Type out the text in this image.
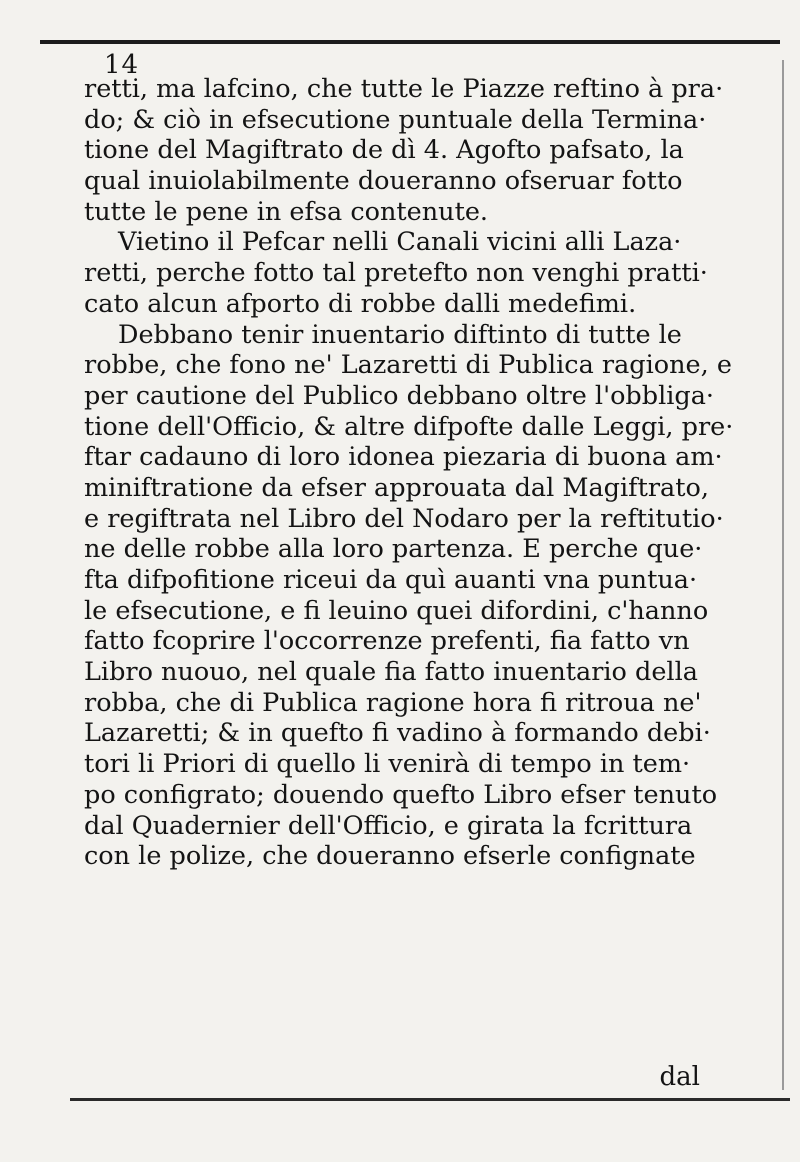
14
retti, ma lafcino, che tutte le Piazze reftino à pra·
do; & ciò in efsecutione puntuale della Termina·
tione del Magiftrato de dì 4. Agofto pafsato, la
qual inuiolabilmente doueranno ofseruar fotto
tutte le pene in efsa contenute.
Vietino il Pefcar nelli Canali vicini alli Laza·
retti, perche fotto tal pretefto non venghi pratti·
cato alcun afporto di robbe dalli medefimi.
Debbano tenir inuentario diftinto di tutte le
robbe, che fono ne' Lazaretti di Publica ragione, e
per cautione del Publico debbano oltre l'obbliga·
tione dell'Officio, & altre difpofte dalle Leggi, pre·
ftar cadauno di loro idonea piezaria di buona am·
miniftratione da efser approuata dal Magiftrato,
e regiftrata nel Libro del Nodaro per la reftitutio·
ne delle robbe alla loro partenza. E perche que·
fta difpofitione riceui da quì auanti vna puntua·
le efsecutione, e fi leuino quei difordini, c'hanno
fatto fcoprire l'occorrenze prefenti, fia fatto vn
Libro nuouo, nel quale fia fatto inuentario della
robba, che di Publica ragione hora fi ritroua ne'
Lazaretti; & in quefto fi vadino à formando debi·
tori li Priori di quello li venirà di tempo in tem·
po configrato; douendo quefto Libro efser tenuto
dal Quadernier dell'Officio, e girata la fcrittura
con le polize, che doueranno efserle confignate
dal
